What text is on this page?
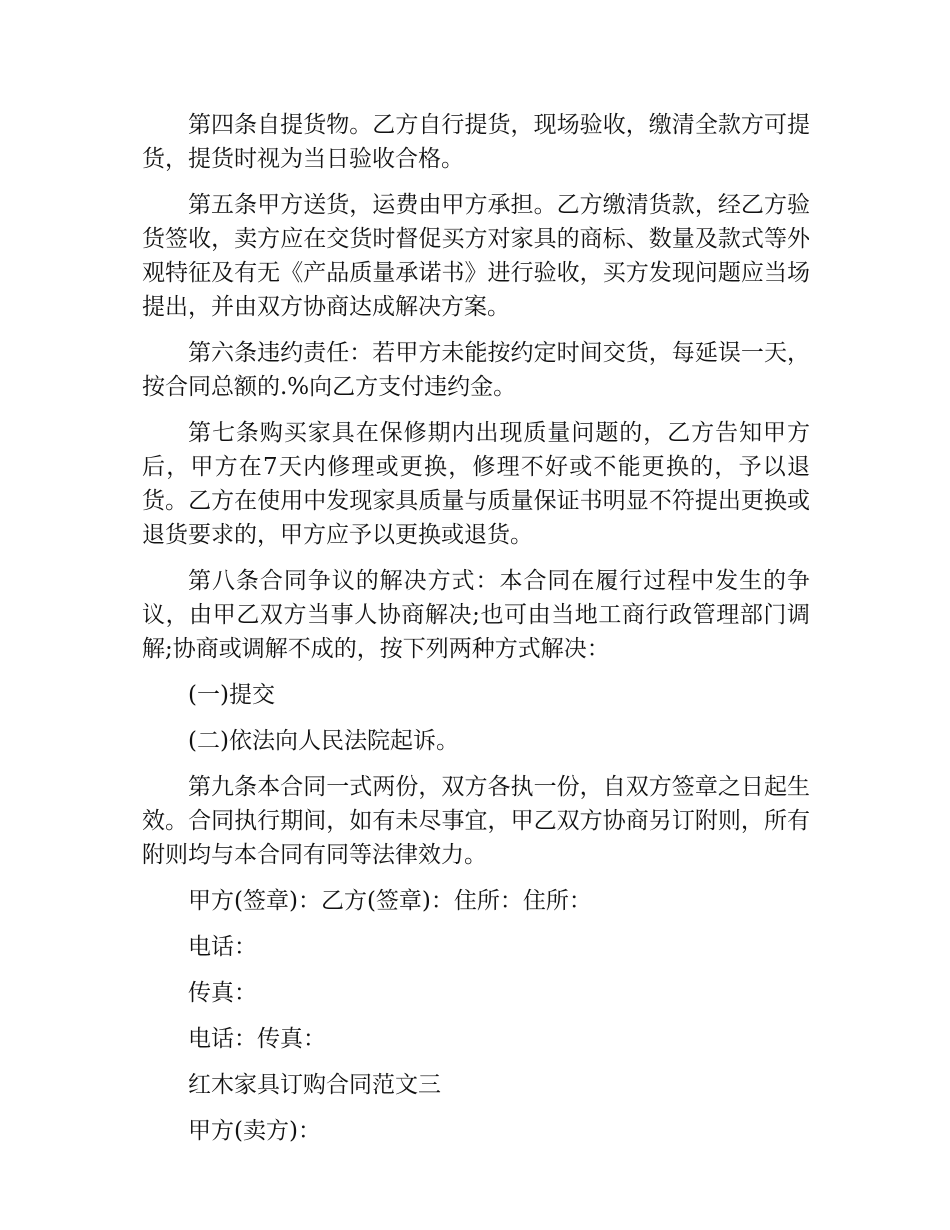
第四条自提货物。乙方自行提货，现场验收，缴清全款方可提货，提货时视为当日验收合格。

第五条甲方送货，运费由甲方承担。乙方缴清货款，经乙方验货签收，卖方应在交货时督促买方对家具的商标、数量及款式等外观特征及有无《产品质量承诺书》进行验收，买方发现问题应当场提出，并由双方协商达成解决方案。

第六条违约责任：若甲方未能按约定时间交货，每延误一天，按合同总额的.%向乙方支付违约金。

第七条购买家具在保修期内出现质量问题的，乙方告知甲方后，甲方在7天内修理或更换，修理不好或不能更换的，予以退货。乙方在使用中发现家具质量与质量保证书明显不符提出更换或退货要求的，甲方应予以更换或退货。

第八条合同争议的解决方式：本合同在履行过程中发生的争议，由甲乙双方当事人协商解决;也可由当地工商行政管理部门调解;协商或调解不成的，按下列两种方式解决：

(一)提交

(二)依法向人民法院起诉。

第九条本合同一式两份，双方各执一份，自双方签章之日起生效。合同执行期间，如有未尽事宜，甲乙双方协商另订附则，所有附则均与本合同有同等法律效力。

甲方(签章)：乙方(签章)：住所：住所：

电话：

传真：

电话：传真：

红木家具订购合同范文三

甲方(卖方)：
